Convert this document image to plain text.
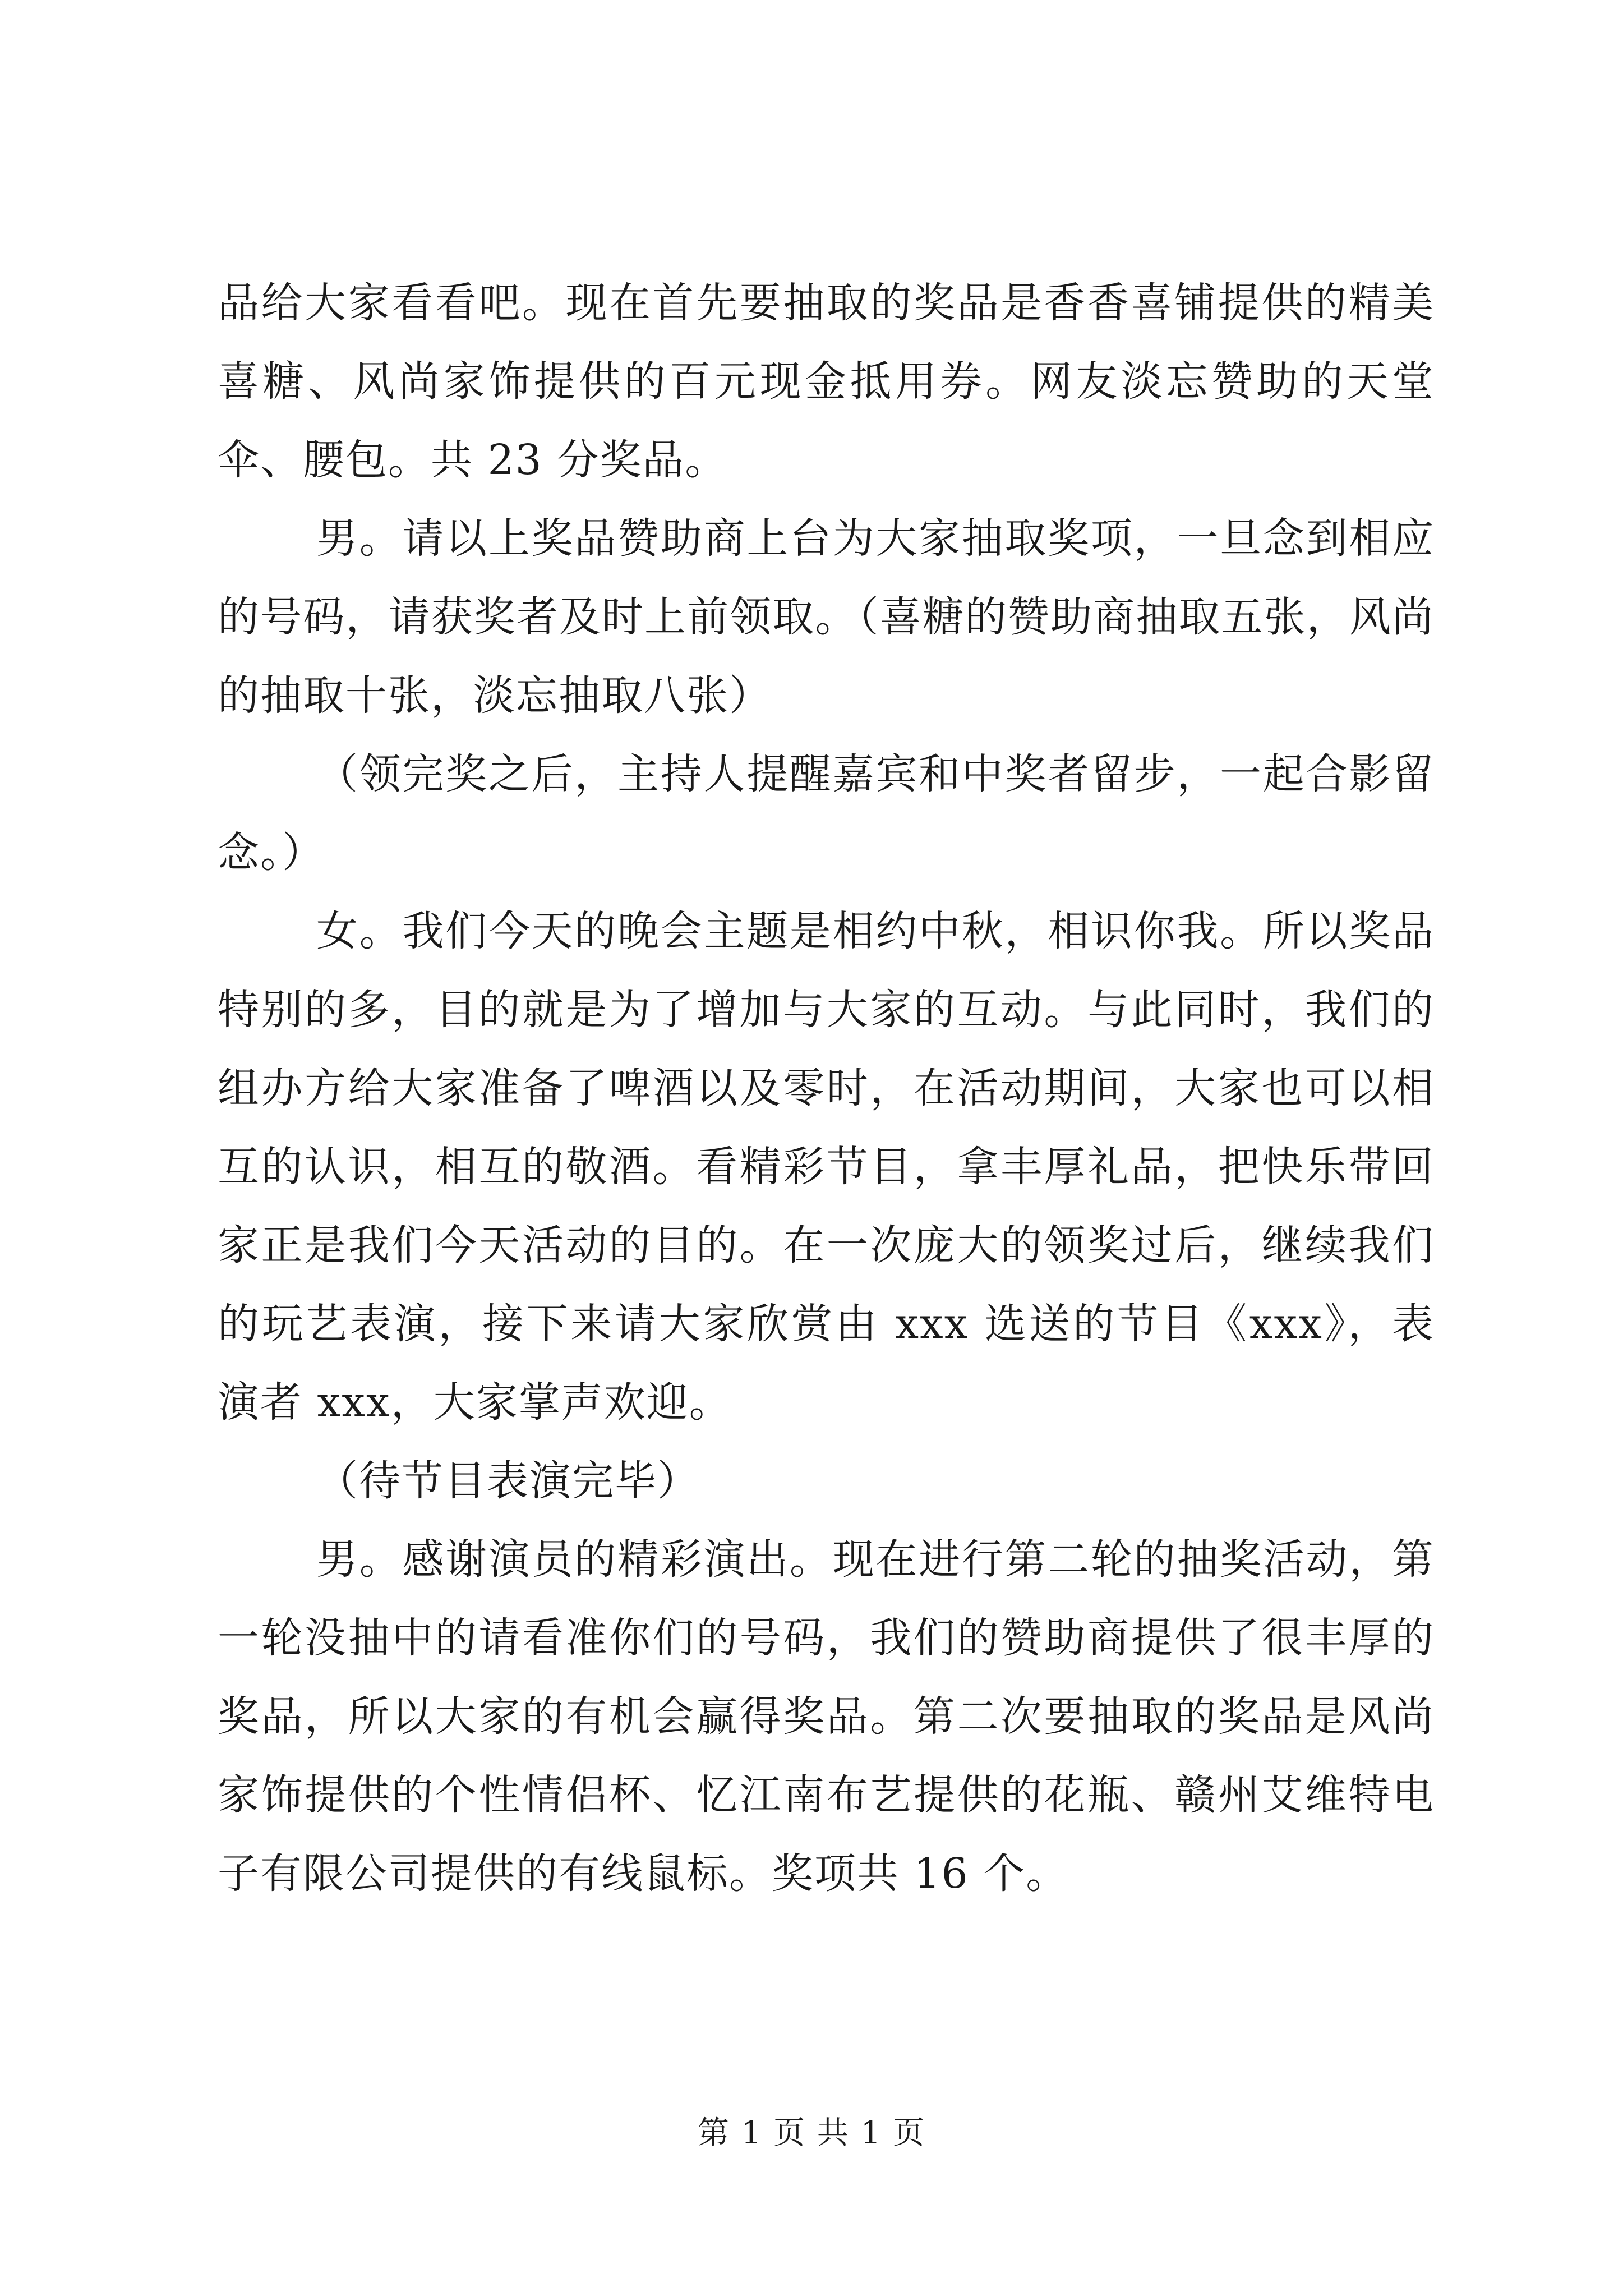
品给大家看看吧。现在首先要抽取的奖品是香香喜铺提供的精美喜糖、风尚家饰提供的百元现金抵用券。网友淡忘赞助的天堂伞、腰包。共 23 分奖品。

男。请以上奖品赞助商上台为大家抽取奖项，一旦念到相应的号码，请获奖者及时上前领取。（喜糖的赞助商抽取五张，风尚的抽取十张，淡忘抽取八张）

（领完奖之后，主持人提醒嘉宾和中奖者留步，一起合影留念。）

女。我们今天的晚会主题是相约中秋，相识你我。所以奖品特别的多，目的就是为了增加与大家的互动。与此同时，我们的组办方给大家准备了啤酒以及零时，在活动期间，大家也可以相互的认识，相互的敬酒。看精彩节目，拿丰厚礼品，把快乐带回家正是我们今天活动的目的。在一次庞大的领奖过后，继续我们的玩艺表演，接下来请大家欣赏由 xxx 选送的节目《xxx》，表演者 xxx，大家掌声欢迎。

（待节目表演完毕）

男。感谢演员的精彩演出。现在进行第二轮的抽奖活动，第一轮没抽中的请看准你们的号码，我们的赞助商提供了很丰厚的奖品，所以大家的有机会赢得奖品。第二次要抽取的奖品是风尚家饰提供的个性情侣杯、忆江南布艺提供的花瓶、赣州艾维特电子有限公司提供的有线鼠标。奖项共 16 个。

第 1 页 共 1 页
